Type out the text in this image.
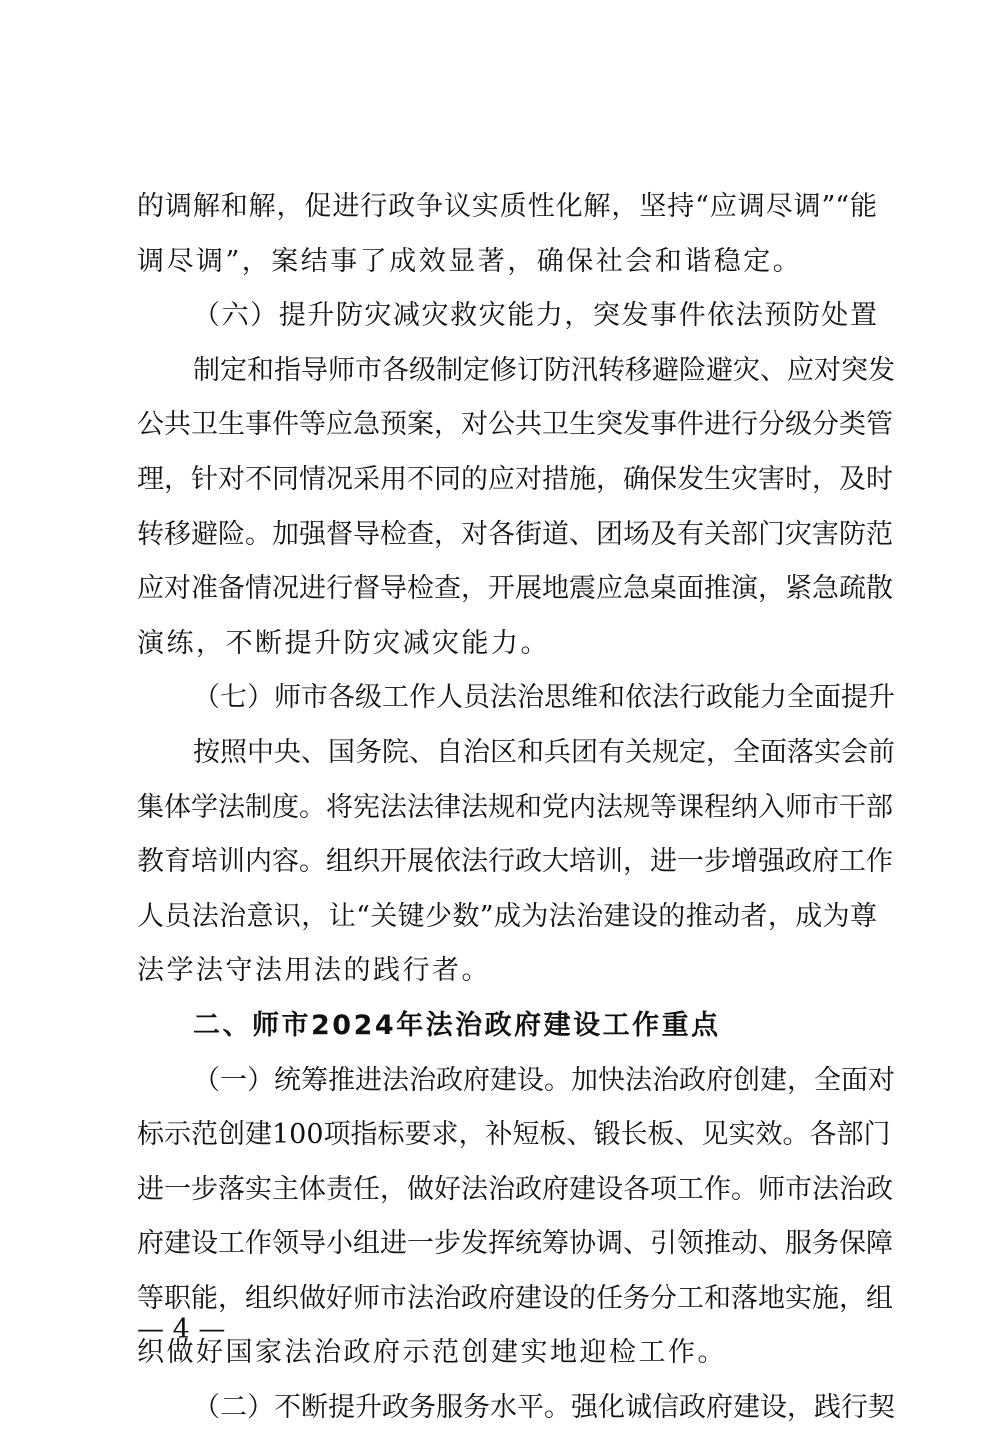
的调解和解，促进行政争议实质性化解，坚持“应调尽调”“能
调尽调”，案结事了成效显著，确保社会和谐稳定。
（六）提升防灾减灾救灾能力，突发事件依法预防处置
制定和指导师市各级制定修订防汛转移避险避灾、应对突发
公共卫生事件等应急预案，对公共卫生突发事件进行分级分类管
理，针对不同情况采用不同的应对措施，确保发生灾害时，及时
转移避险。加强督导检查，对各街道、团场及有关部门灾害防范
应对准备情况进行督导检查，开展地震应急桌面推演，紧急疏散
演练，不断提升防灾减灾能力。
（七）师市各级工作人员法治思维和依法行政能力全面提升
按照中央、国务院、自治区和兵团有关规定，全面落实会前
集体学法制度。将宪法法律法规和党内法规等课程纳入师市干部
教育培训内容。组织开展依法行政大培训，进一步增强政府工作
人员法治意识，让“关键少数”成为法治建设的推动者，成为尊
法学法守法用法的践行者。
二、师市2024年法治政府建设工作重点
（一）统筹推进法治政府建设。加快法治政府创建，全面对
标示范创建100项指标要求，补短板、锻长板、见实效。各部门
进一步落实主体责任，做好法治政府建设各项工作。师市法治政
府建设工作领导小组进一步发挥统筹协调、引领推动、服务保障
等职能，组织做好师市法治政府建设的任务分工和落地实施，组
织做好国家法治政府示范创建实地迎检工作。
（二）不断提升政务服务水平。强化诚信政府建设，践行契
— 4 —
